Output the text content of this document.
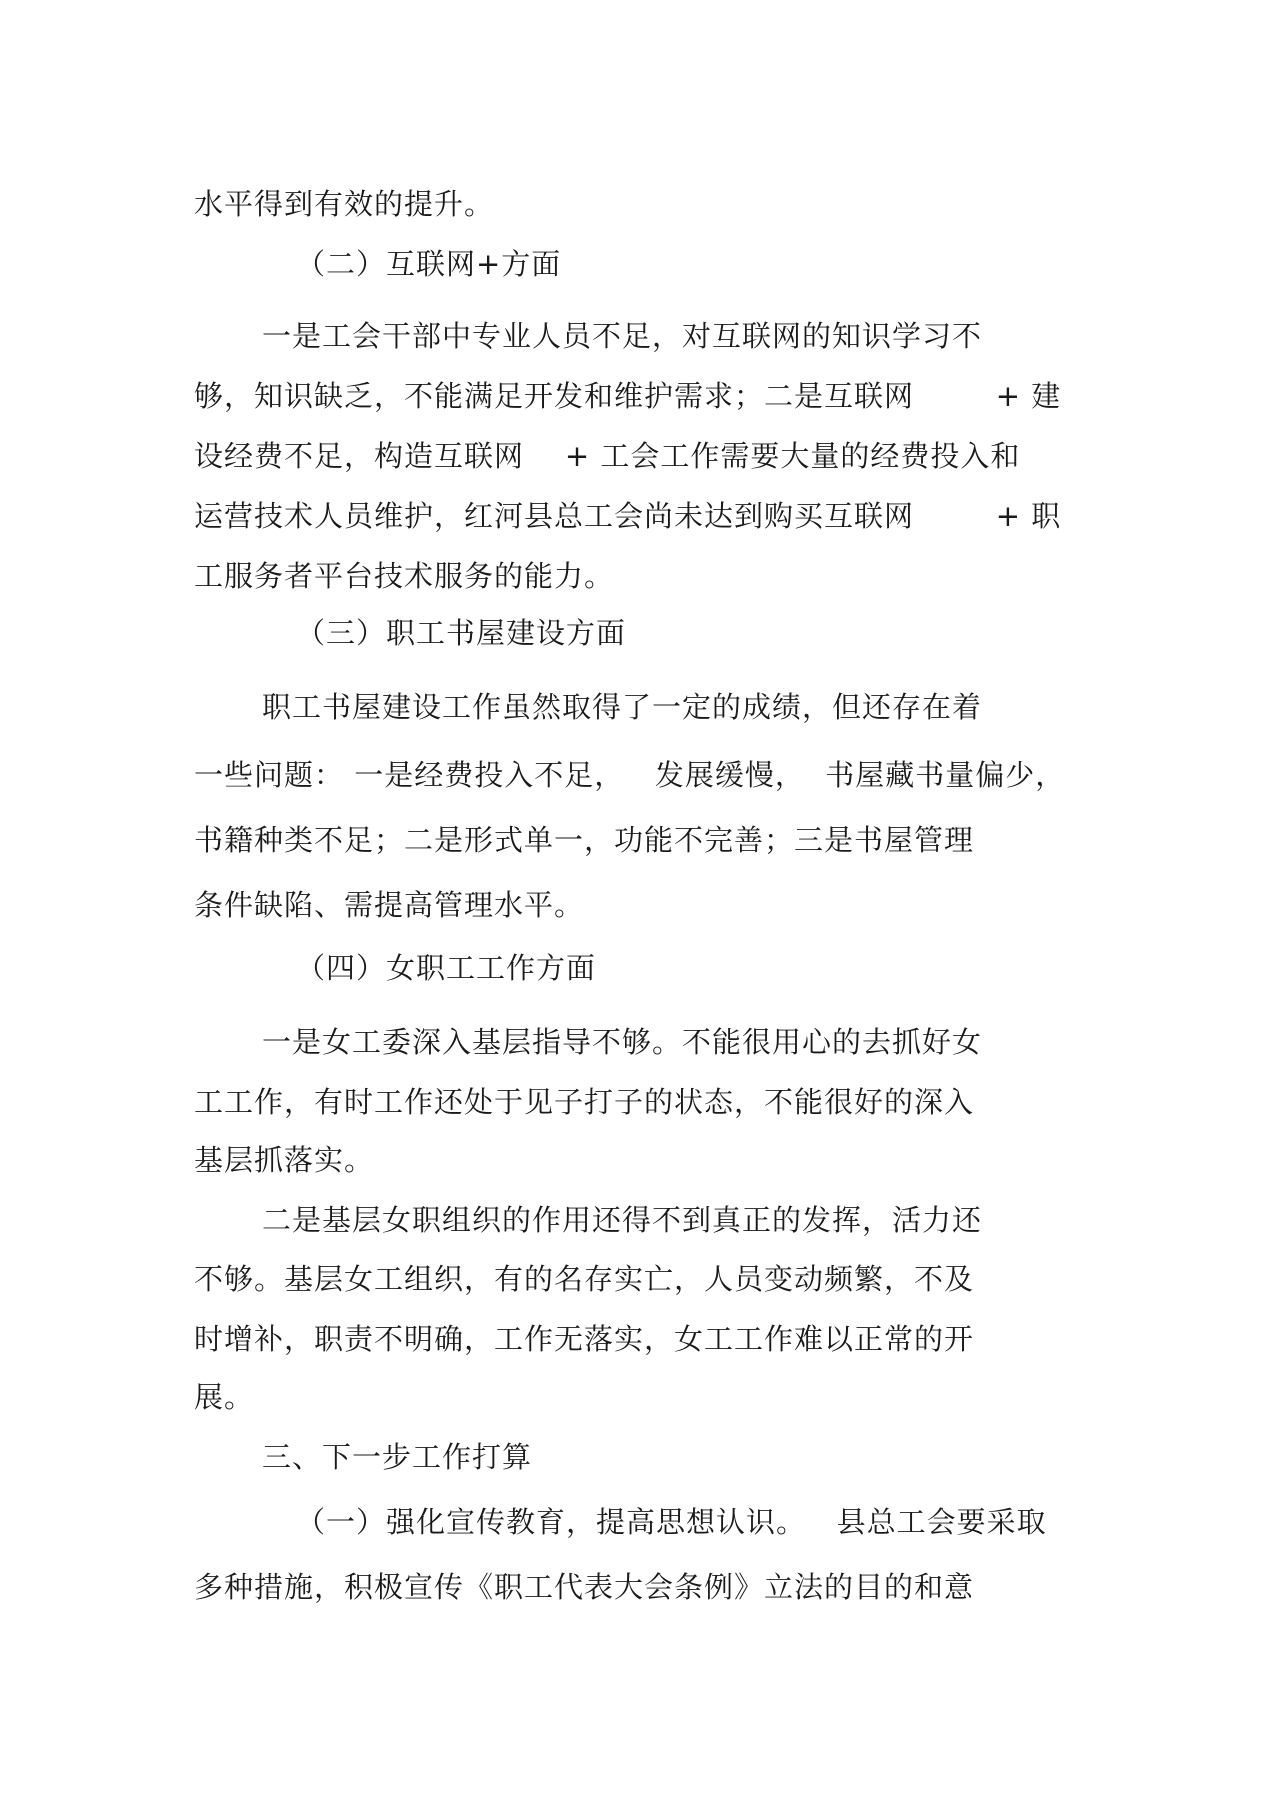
水平得到有效的提升。
（二）互联网+方面
一是工会干部中专业人员不足，对互联网的知识学习不
够，知识缺乏，不能满足开发和维护需求；二是互联网        + 建
设经费不足，构造互联网    + 工会工作需要大量的经费投入和
运营技术人员维护，红河县总工会尚未达到购买互联网        + 职
工服务者平台技术服务的能力。
（三）职工书屋建设方面
职工书屋建设工作虽然取得了一定的成绩，但还存在着
一些问题： 一是经费投入不足，   发展缓慢，  书屋藏书量偏少，
书籍种类不足；二是形式单一，功能不完善；三是书屋管理
条件缺陷、需提高管理水平。
（四）女职工工作方面
一是女工委深入基层指导不够。不能很用心的去抓好女
工工作，有时工作还处于见子打子的状态，不能很好的深入
基层抓落实。
二是基层女职组织的作用还得不到真正的发挥，活力还
不够。基层女工组织，有的名存实亡，人员变动频繁，不及
时增补，职责不明确，工作无落实，女工工作难以正常的开
展。
三、下一步工作打算
（一）强化宣传教育，提高思想认识。   县总工会要采取
多种措施，积极宣传《职工代表大会条例》立法的目的和意
